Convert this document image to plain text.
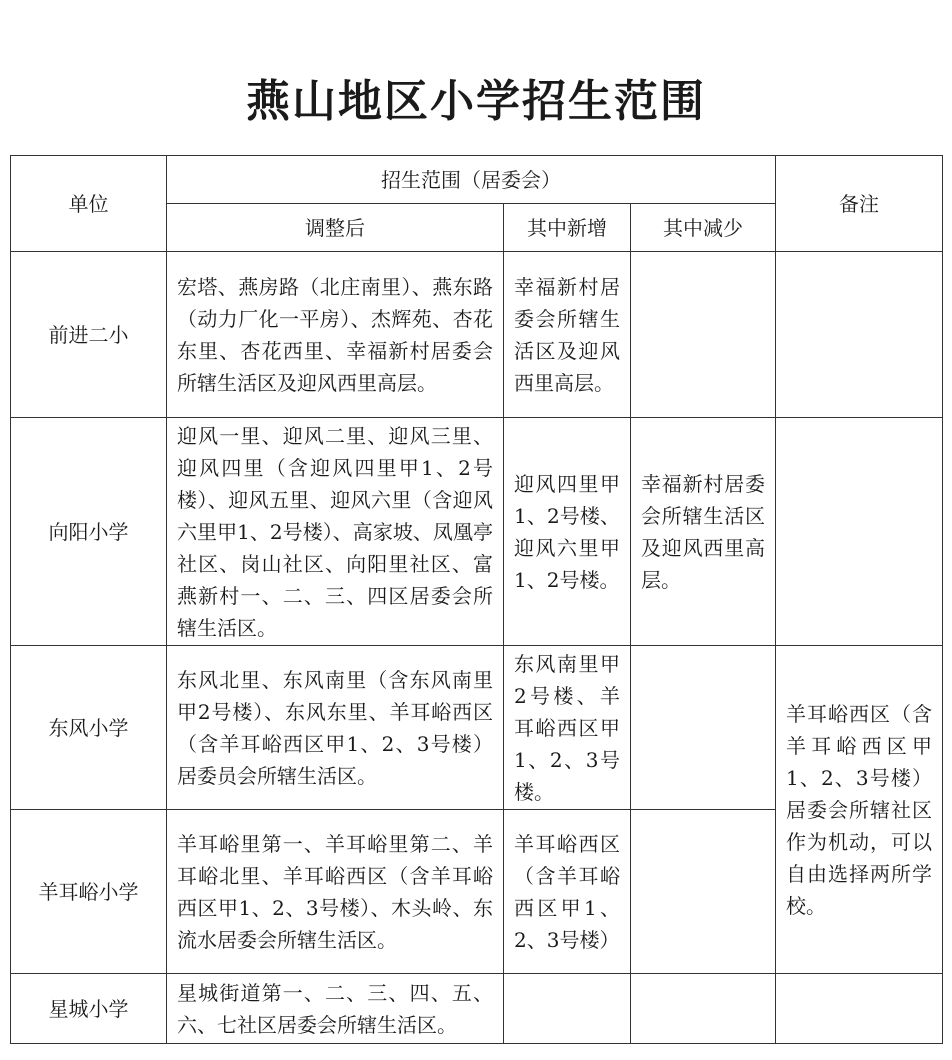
燕山地区小学招生范围
单位	招生范围（居委会）			备注
	调整后	其中新增	其中减少	
前进二小	宏塔、燕房路（北庄南里）、燕东路（动力厂化一平房）、杰辉苑、杏花东里、杏花西里、幸福新村居委会所辖生活区及迎风西里高层。	幸福新村居委会所辖生活区及迎风西里高层。		
向阳小学	迎风一里、迎风二里、迎风三里、迎风四里（含迎风四里甲1、2号楼）、迎风五里、迎风六里（含迎风六里甲1、2号楼）、高家坡、凤凰亭社区、岗山社区、向阳里社区、富燕新村一、二、三、四区居委会所辖生活区。	迎风四里甲1、2号楼、迎风六里甲1、2号楼。	幸福新村居委会所辖生活区及迎风西里高层。	
东风小学	东风北里、东风南里（含东风南里甲2号楼）、东风东里、羊耳峪西区（含羊耳峪西区甲1、2、3号楼）居委员会所辖生活区。	东风南里甲2号楼、羊耳峪西区甲1、2、3号楼。		羊耳峪西区（含羊耳峪西区甲1、2、3号楼）居委会所辖社区作为机动，可以自由选择两所学校。
羊耳峪小学	羊耳峪里第一、羊耳峪里第二、羊耳峪北里、羊耳峪西区（含羊耳峪西区甲1、2、3号楼）、木头岭、东流水居委会所辖生活区。	羊耳峪西区（含羊耳峪西区甲1、2、3号楼）		
星城小学	星城街道第一、二、三、四、五、六、七社区居委会所辖生活区。			
